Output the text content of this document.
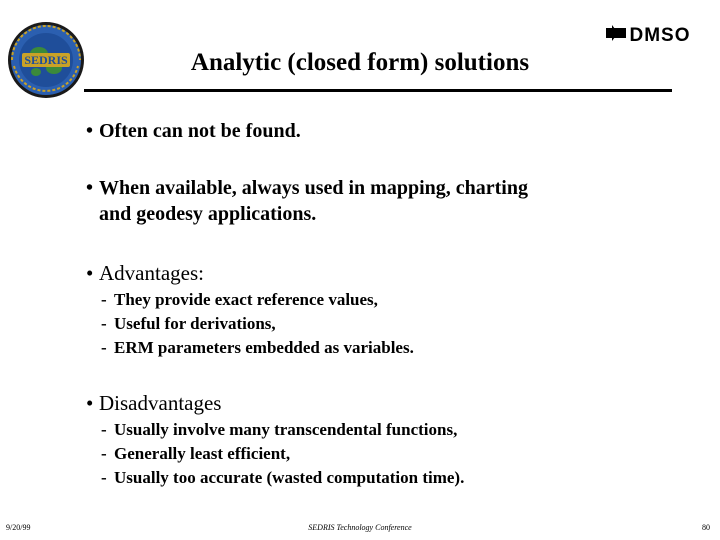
SEDRIS
DMSO
Analytic (closed form) solutions
• Often can not be found.
• When available, always used in mapping, charting
and geodesy applications.
• Advantages:
- They provide exact reference values,
- Useful for derivations,
- ERM parameters embedded as variables.
• Disadvantages
- Usually involve many transcendental functions,
- Generally least efficient,
- Usually too accurate (wasted computation time).
9/20/99	SEDRIS Technology Conference	80
